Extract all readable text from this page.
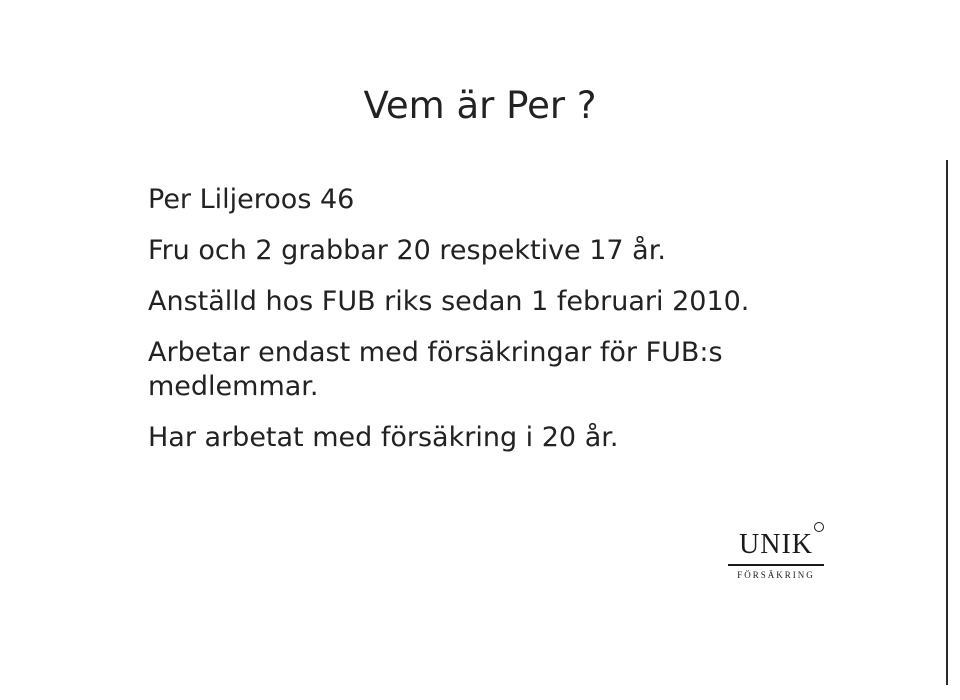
Vem är Per ?
Per Liljeroos 46
Fru och 2 grabbar 20 respektive 17 år.
Anställd hos FUB riks sedan 1 februari 2010.
Arbetar endast med försäkringar för FUB:s medlemmar.
Har arbetat med försäkring i 20 år.
UNIK
FÖRSÄKRING
